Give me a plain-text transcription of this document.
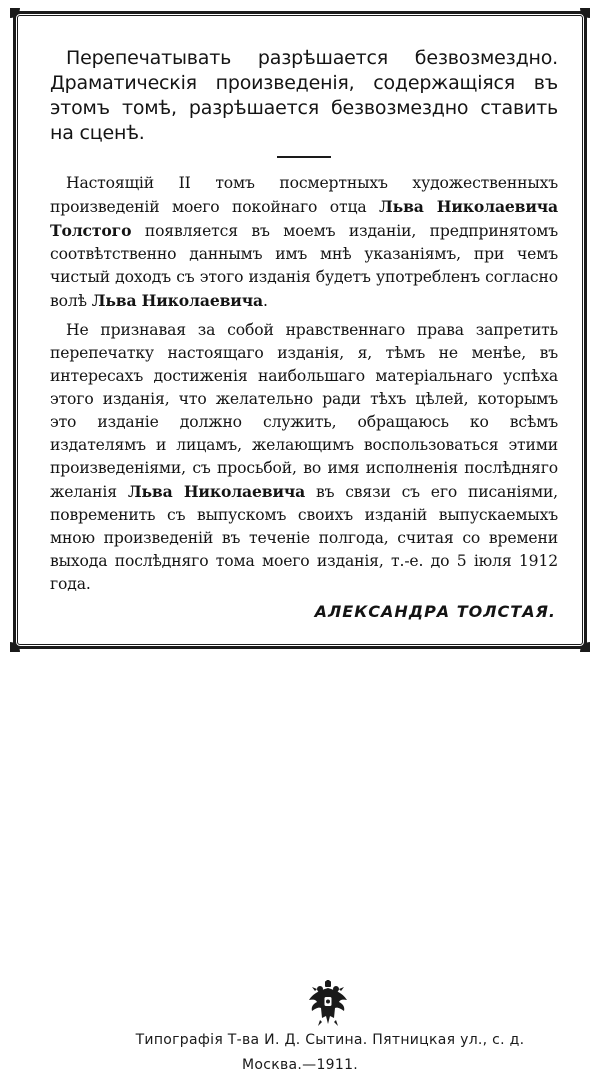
Перепечатывать разрѣшается безвозмездно. Драматическія произведенія, содержащіяся въ этомъ томѣ, разрѣшается безвозмездно ставить на сценѣ.

Настоящій II томъ посмертныхъ художественныхъ произведеній моего покойнаго отца Льва Николаевича Толстого появляется въ моемъ изданіи, предпринятомъ соотвѣтственно даннымъ имъ мнѣ указаніямъ, при чемъ чистый доходъ съ этого изданія будетъ употребленъ согласно волѣ Льва Николаевича.

Не признавая за собой нравственнаго права запретить перепечатку настоящаго изданія, я, тѣмъ не менѣе, въ интересахъ достиженія наибольшаго матеріальнаго успѣха этого изданія, что желательно ради тѣхъ цѣлей, которымъ это изданіе должно служить, обращаюсь ко всѣмъ издателямъ и лицамъ, желающимъ воспользоваться этими произведеніями, съ просьбой, во имя исполненія послѣдняго желанія Льва Николаевича въ связи съ его писаніями, повременить съ выпускомъ своихъ изданій выпускаемыхъ мною произведеній въ теченіе полгода, считая со времени выхода послѣдняго тома моего изданія, т.-е. до 5 іюля 1912 года.

АЛЕКСАНДРА ТОЛСТАЯ.
Типографія Т-ва И. Д. Сытина. Пятницкая ул., с. д.
Москва.—1911.
